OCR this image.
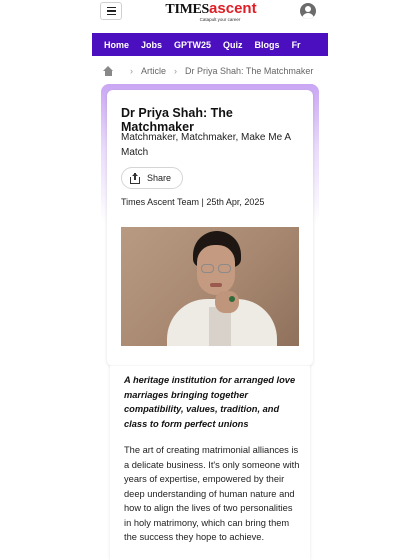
TIMESascent
Catapult your career
Home Jobs GPTW25 Quiz Blogs Fr
› Article › Dr Priya Shah: The Matchmaker
Dr Priya Shah: The Matchmaker

Matchmaker, Matchmaker, Make Me A Match

Share
Times Ascent Team | 25th Apr, 2025

A heritage institution for arranged love marriages bringing together compatibility, values, tradition, and class to form perfect unions

The art of creating matrimonial alliances is a delicate business. It's only someone with years of expertise, empowered by their deep understanding of human nature and how to align the lives of two personalities in holy matrimony, which can bring them the success they hope to achieve.
